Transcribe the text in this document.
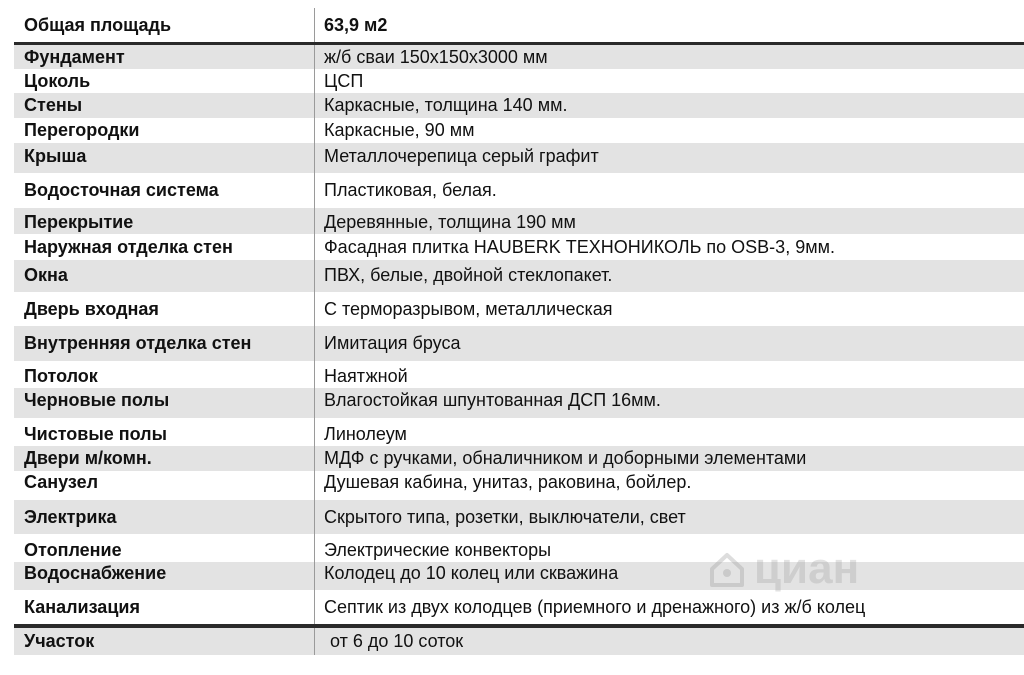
Общая площадь	63,9 м2
Фундамент	ж/б сваи 150х150х3000 мм
Цоколь	ЦСП
Стены	Каркасные, толщина 140 мм.
Перегородки	Каркасные, 90 мм
Крыша	Металлочерепица серый графит
Водосточная система	Пластиковая, белая.
Перекрытие	Деревянные, толщина 190 мм
Наружная отделка стен	Фасадная плитка HAUBERK ТЕХНОНИКОЛЬ по OSB-3, 9мм.
Окна	ПВХ, белые, двойной стеклопакет.
Дверь входная	С терморазрывом, металлическая
Внутренняя отделка стен	Имитация бруса
Потолок	Наятжной
Черновые полы	Влагостойкая шпунтованная ДСП 16мм.
Чистовые полы	Линолеум
Двери м/комн.	МДФ с ручками, обналичником и доборными элементами
Санузел	Душевая кабина, унитаз, раковина, бойлер.
Электрика	Скрытого типа, розетки, выключатели, свет
Отопление	Электрические конвекторы
Водоснабжение	Колодец до 10 колец или скважина
Канализация	Септик из двух колодцев (приемного и дренажного) из ж/б колец
Участок	от 6 до 10 соток
циан
